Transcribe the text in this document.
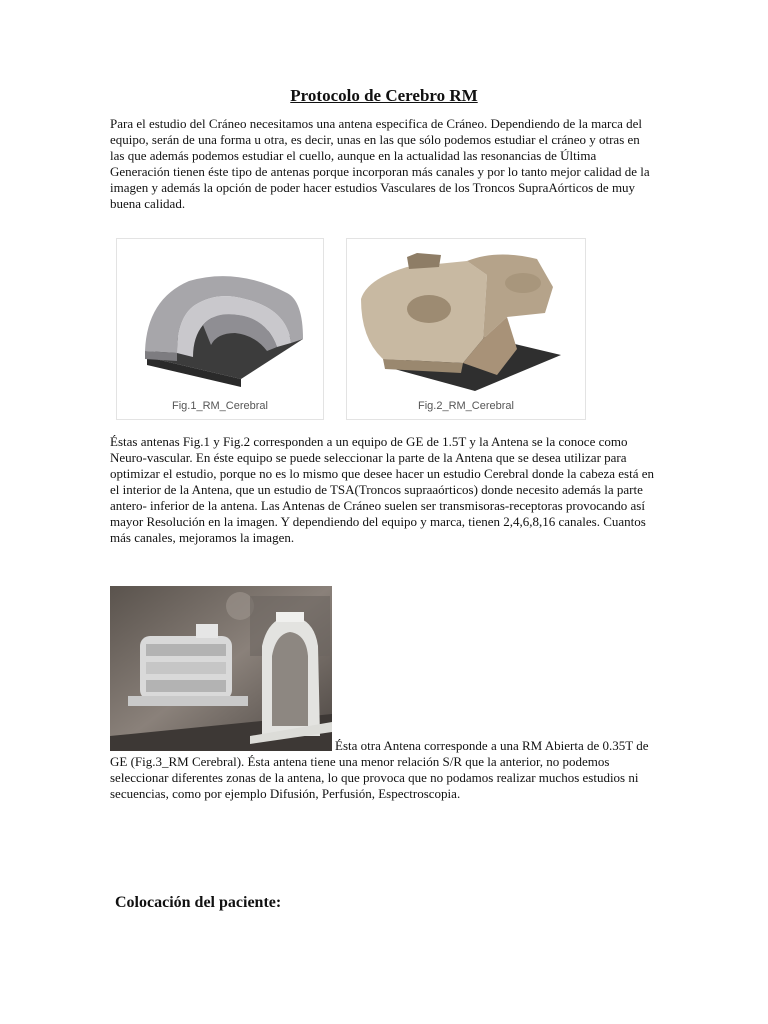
Protocolo de Cerebro RM

Para el estudio del Cráneo necesitamos una antena especifica de Cráneo. Dependiendo de la marca del equipo, serán de una forma u otra, es decir, unas en las que sólo podemos estudiar el cráneo y otras en las que además podemos estudiar el cuello, aunque en la actualidad las resonancias de Última Generación tienen éste tipo de antenas porque incorporan más canales y por lo tanto mejor calidad de la imagen y además la opción de poder hacer estudios Vasculares de los Troncos SupraAórticos de muy buena calidad.

Fig.1_RM_Cerebral	Fig.2_RM_Cerebral

Éstas antenas Fig.1 y Fig.2 corresponden a un equipo de GE de 1.5T y la Antena se la conoce como Neuro-vascular. En éste equipo se puede seleccionar la parte de la Antena que se desea utilizar para optimizar el estudio, porque no es lo mismo que desee hacer un estudio Cerebral donde la cabeza está en el interior de la Antena, que un estudio de TSA(Troncos supraaórticos) donde necesito además la parte antero- inferior de la antena. Las Antenas de Cráneo suelen ser transmisoras-receptoras provocando así mayor Resolución en la imagen. Y dependiendo del equipo y marca, tienen 2,4,6,8,16 canales. Cuantos más canales, mejoramos la imagen.

Ésta otra Antena corresponde a una RM Abierta de 0.35T de GE (Fig.3_RM Cerebral). Ésta antena tiene una menor relación S/R que la anterior, no podemos seleccionar diferentes zonas de la antena, lo que provoca que no podamos realizar muchos estudios ni secuencias, como por ejemplo Difusión, Perfusión, Espectroscopia.

Colocación del paciente:
